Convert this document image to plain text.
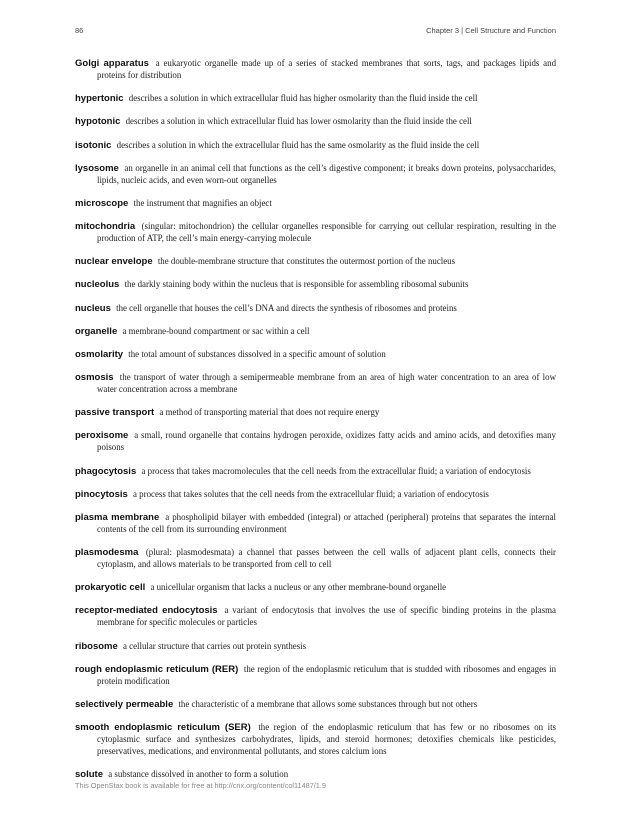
86	Chapter 3 | Cell Structure and Function

Golgi apparatus a eukaryotic organelle made up of a series of stacked membranes that sorts, tags, and packages lipids and proteins for distribution

hypertonic describes a solution in which extracellular fluid has higher osmolarity than the fluid inside the cell

hypotonic describes a solution in which extracellular fluid has lower osmolarity than the fluid inside the cell

isotonic describes a solution in which the extracellular fluid has the same osmolarity as the fluid inside the cell

lysosome an organelle in an animal cell that functions as the cell’s digestive component; it breaks down proteins, polysaccharides, lipids, nucleic acids, and even worn-out organelles

microscope the instrument that magnifies an object

mitochondria (singular: mitochondrion) the cellular organelles responsible for carrying out cellular respiration, resulting in the production of ATP, the cell’s main energy-carrying molecule

nuclear envelope the double-membrane structure that constitutes the outermost portion of the nucleus

nucleolus the darkly staining body within the nucleus that is responsible for assembling ribosomal subunits

nucleus the cell organelle that houses the cell’s DNA and directs the synthesis of ribosomes and proteins

organelle a membrane-bound compartment or sac within a cell

osmolarity the total amount of substances dissolved in a specific amount of solution

osmosis the transport of water through a semipermeable membrane from an area of high water concentration to an area of low water concentration across a membrane

passive transport a method of transporting material that does not require energy

peroxisome a small, round organelle that contains hydrogen peroxide, oxidizes fatty acids and amino acids, and detoxifies many poisons

phagocytosis a process that takes macromolecules that the cell needs from the extracellular fluid; a variation of endocytosis

pinocytosis a process that takes solutes that the cell needs from the extracellular fluid; a variation of endocytosis

plasma membrane a phospholipid bilayer with embedded (integral) or attached (peripheral) proteins that separates the internal contents of the cell from its surrounding environment

plasmodesma (plural: plasmodesmata) a channel that passes between the cell walls of adjacent plant cells, connects their cytoplasm, and allows materials to be transported from cell to cell

prokaryotic cell a unicellular organism that lacks a nucleus or any other membrane-bound organelle

receptor-mediated endocytosis a variant of endocytosis that involves the use of specific binding proteins in the plasma membrane for specific molecules or particles

ribosome a cellular structure that carries out protein synthesis

rough endoplasmic reticulum (RER) the region of the endoplasmic reticulum that is studded with ribosomes and engages in protein modification

selectively permeable the characteristic of a membrane that allows some substances through but not others

smooth endoplasmic reticulum (SER) the region of the endoplasmic reticulum that has few or no ribosomes on its cytoplasmic surface and synthesizes carbohydrates, lipids, and steroid hormones; detoxifies chemicals like pesticides, preservatives, medications, and environmental pollutants, and stores calcium ions

solute a substance dissolved in another to form a solution

This OpenStax book is available for free at http://cnx.org/content/col11487/1.9
